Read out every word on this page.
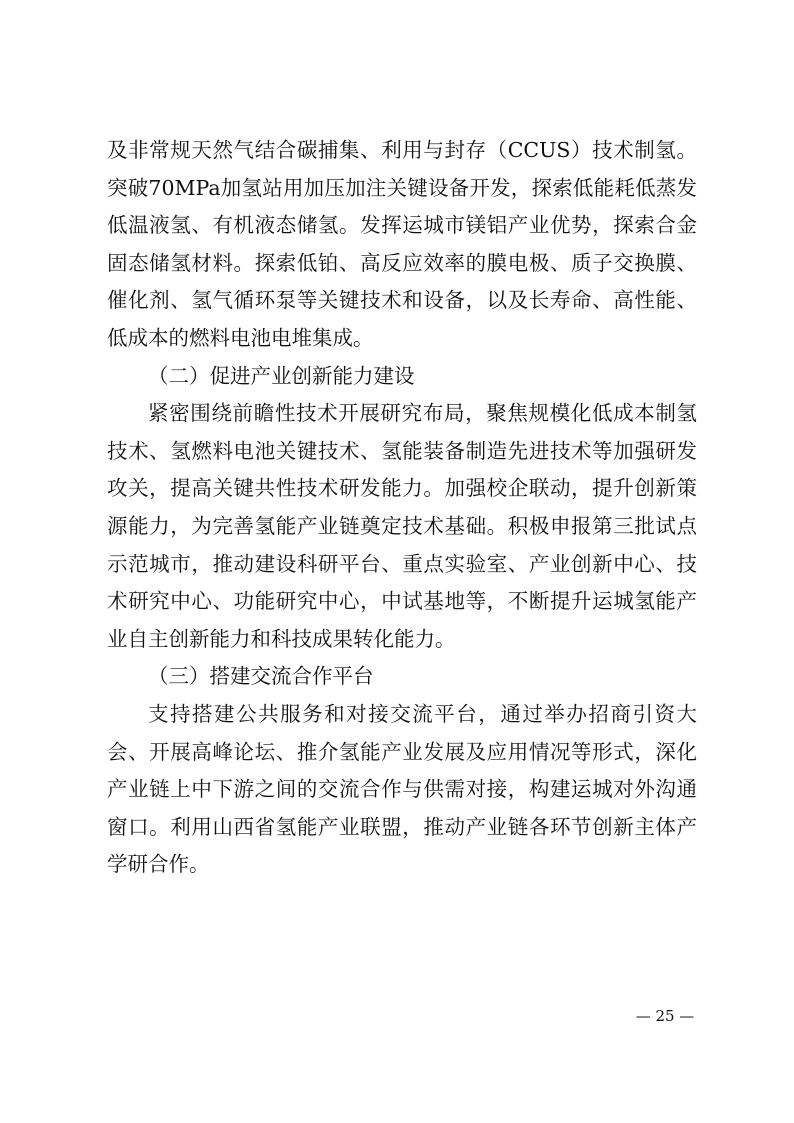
及非常规天然气结合碳捕集、利用与封存（CCUS）技术制氢。突破70MPa加氢站用加压加注关键设备开发，探索低能耗低蒸发低温液氢、有机液态储氢。发挥运城市镁铝产业优势，探索合金固态储氢材料。探索低铂、高反应效率的膜电极、质子交换膜、催化剂、氢气循环泵等关键技术和设备，以及长寿命、高性能、低成本的燃料电池电堆集成。

（二）促进产业创新能力建设

紧密围绕前瞻性技术开展研究布局，聚焦规模化低成本制氢技术、氢燃料电池关键技术、氢能装备制造先进技术等加强研发攻关，提高关键共性技术研发能力。加强校企联动，提升创新策源能力，为完善氢能产业链奠定技术基础。积极申报第三批试点示范城市，推动建设科研平台、重点实验室、产业创新中心、技术研究中心、功能研究中心，中试基地等，不断提升运城氢能产业自主创新能力和科技成果转化能力。

（三）搭建交流合作平台

支持搭建公共服务和对接交流平台，通过举办招商引资大会、开展高峰论坛、推介氢能产业发展及应用情况等形式，深化产业链上中下游之间的交流合作与供需对接，构建运城对外沟通窗口。利用山西省氢能产业联盟，推动产业链各环节创新主体产学研合作。

— 25 —
